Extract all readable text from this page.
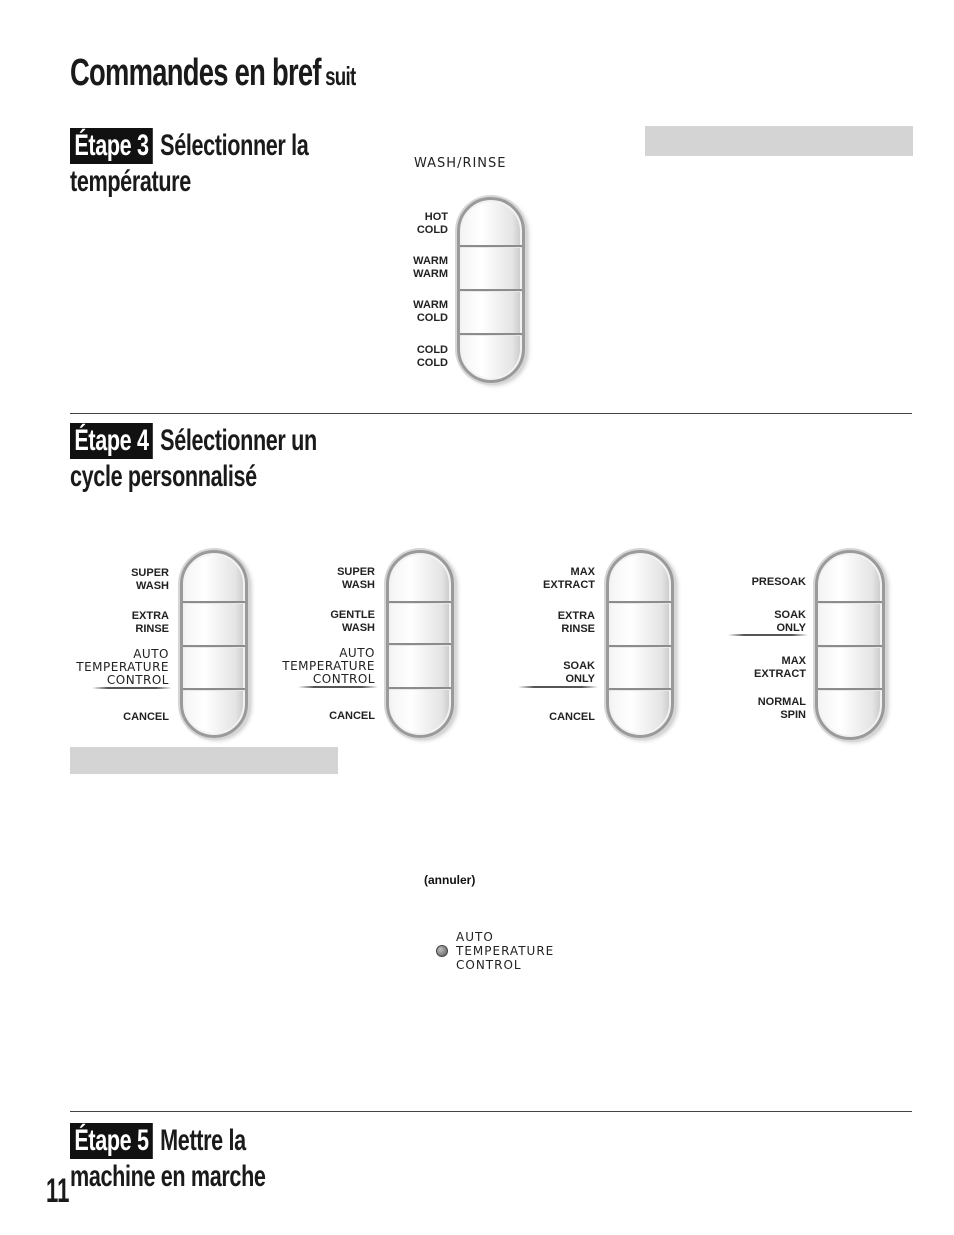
Commandes en bref suit
Étape 3 Sélectionner la
température
WASH/RINSE
HOT
COLD
WARM
WARM
WARM
COLD
COLD
COLD
Étape 4 Sélectionner un
cycle personnalisé
SUPER
WASH
EXTRA
RINSE
AUTO
TEMPERATURE
CONTROL
CANCEL
SUPER
WASH
GENTLE
WASH
AUTO
TEMPERATURE
CONTROL
CANCEL
MAX
EXTRACT
EXTRA
RINSE
SOAK
ONLY
CANCEL
PRESOAK
SOAK
ONLY
MAX
EXTRACT
NORMAL
SPIN
(annuler)
AUTO
TEMPERATURE
CONTROL
Étape 5 Mettre la
machine en marche
11
